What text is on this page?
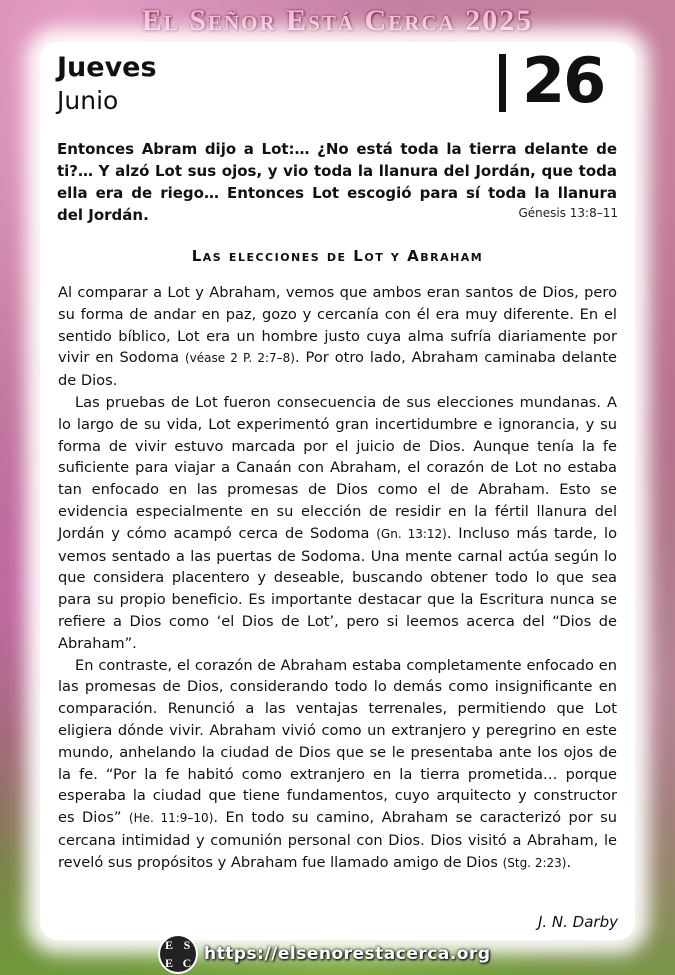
El Señor Está Cerca 2025
Jueves
Junio	26
Entonces Abram dijo a Lot:… ¿No está toda la tierra delante de ti?… Y alzó Lot sus ojos, y vio toda la llanura del Jordán, que toda ella era de riego… Entonces Lot escogió para sí toda la llanura del Jordán.	Génesis 13:8–11
Las elecciones de Lot y Abraham

Al comparar a Lot y Abraham, vemos que ambos eran santos de Dios, pero su forma de andar en paz, gozo y cercanía con él era muy diferente. En el sentido bíblico, Lot era un hombre justo cuya alma sufría diariamente por vivir en Sodoma (véase 2 P. 2:7–8). Por otro lado, Abraham caminaba delante de Dios.

Las pruebas de Lot fueron consecuencia de sus elecciones mundanas. A lo largo de su vida, Lot experimentó gran incertidumbre e ignorancia, y su forma de vivir estuvo marcada por el juicio de Dios. Aunque tenía la fe suficiente para viajar a Canaán con Abraham, el corazón de Lot no estaba tan enfocado en las promesas de Dios como el de Abraham. Esto se evidencia especialmente en su elección de residir en la fértil llanura del Jordán y cómo acampó cerca de Sodoma (Gn. 13:12). Incluso más tarde, lo vemos sentado a las puertas de Sodoma. Una mente carnal actúa según lo que considera placentero y deseable, buscando obtener todo lo que sea para su propio beneficio. Es importante destacar que la Escritura nunca se refiere a Dios como ‘el Dios de Lot’, pero si leemos acerca del “Dios de Abraham”.

En contraste, el corazón de Abraham estaba completamente enfocado en las promesas de Dios, considerando todo lo demás como insignificante en comparación. Renunció a las ventajas terrenales, permitiendo que Lot eligiera dónde vivir. Abraham vivió como un extranjero y peregrino en este mundo, anhelando la ciudad de Dios que se le presentaba ante los ojos de la fe. “Por la fe habitó como extranjero en la tierra prometida… porque esperaba la ciudad que tiene fundamentos, cuyo arquitecto y constructor es Dios” (He. 11:9–10). En todo su camino, Abraham se caracterizó por su cercana intimidad y comunión personal con Dios. Dios visitó a Abraham, le reveló sus propósitos y Abraham fue llamado amigo de Dios (Stg. 2:23).

J. N. Darby
E S
E C https://elsenorestacerca.org
